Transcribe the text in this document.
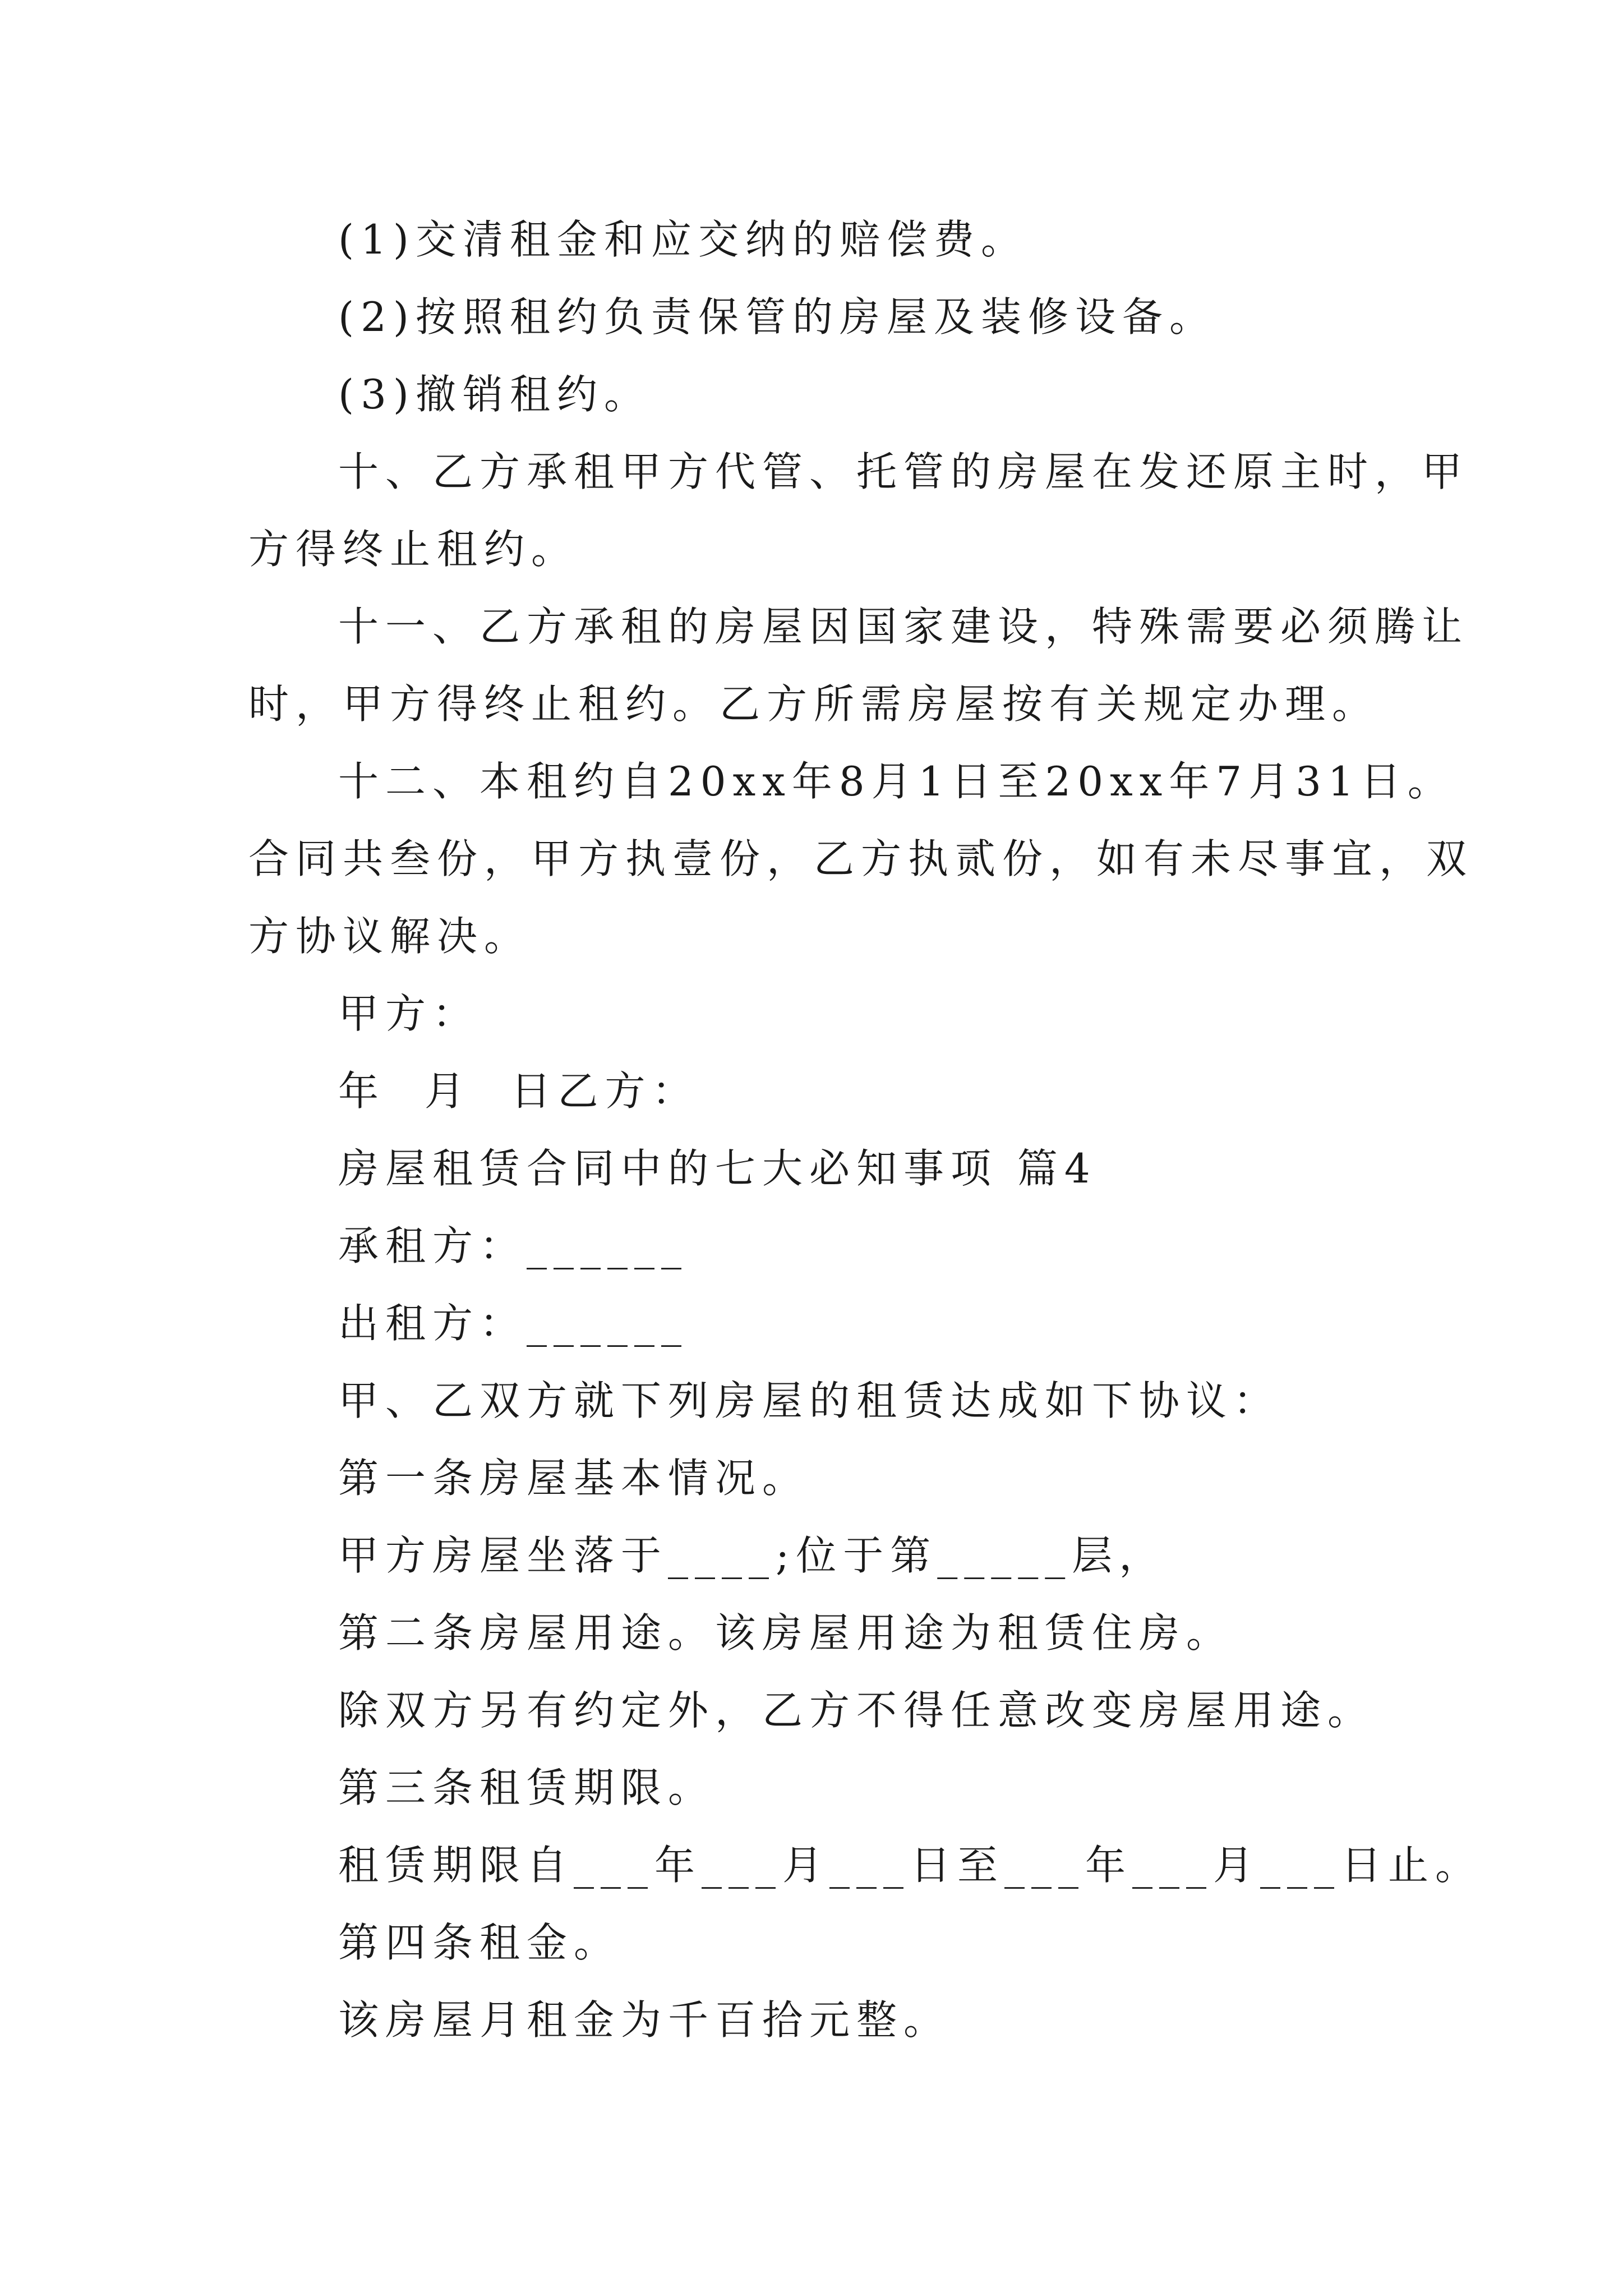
(1)交清租金和应交纳的赔偿费。
(2)按照租约负责保管的房屋及装修设备。
(3)撤销租约。
十、乙方承租甲方代管、托管的房屋在发还原主时，甲
方得终止租约。
十一、乙方承租的房屋因国家建设，特殊需要必须腾让
时，甲方得终止租约。乙方所需房屋按有关规定办理。
十二、本租约自20xx年8月1日至20xx年7月31日。
合同共叁份，甲方执壹份，乙方执贰份，如有未尽事宜，双
方协议解决。
甲方：
年  月  日乙方：
房屋租赁合同中的七大必知事项 篇4
承租方：______
出租方：______
甲、乙双方就下列房屋的租赁达成如下协议：
第一条房屋基本情况。
甲方房屋坐落于____;位于第_____层，
第二条房屋用途。该房屋用途为租赁住房。
除双方另有约定外，乙方不得任意改变房屋用途。
第三条租赁期限。
租赁期限自___年___月___日至___年___月___日止。
第四条租金。
该房屋月租金为千百拾元整。
